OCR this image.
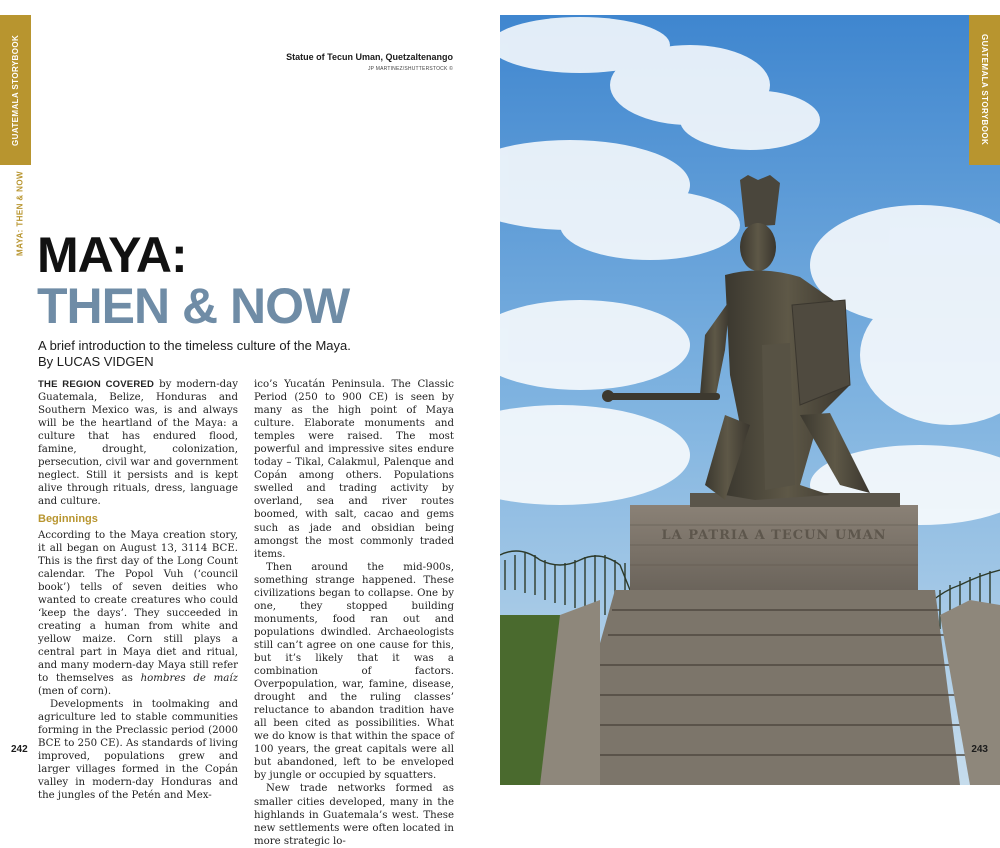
GUATEMALA STORYBOOK
MAYA: THEN & NOW
Statue of Tecun Uman, Quetzaltenango
JP MARTINEZ/SHUTTERSTOCK ©
MAYA:
THEN & NOW
A brief introduction to the timeless culture of the Maya.
By LUCAS VIDGEN

THE REGION COVERED by modern-day Guatemala, Belize, Honduras and Southern Mexico was, is and always will be the heartland of the Maya: a culture that has endured flood, famine, drought, colonization, persecution, civil war and government neglect. Still it persists and is kept alive through rituals, dress, language and culture.

Beginnings

According to the Maya creation story, it all began on August 13, 3114 BCE. This is the first day of the Long Count calendar. The Popol Vuh (‘council book’) tells of seven deities who wanted to create creatures who could ‘keep the days’. They succeeded in creating a human from white and yellow maize. Corn still plays a central part in Maya diet and ritual, and many modern-day Maya still refer to themselves as hombres de maíz (men of corn).

Developments in toolmaking and agriculture led to stable communities forming in the Preclassic period (2000 BCE to 250 CE). As standards of living improved, populations grew and larger villages formed in the Copán valley in modern-day Honduras and the jungles of the Petén and Mex-

ico’s Yucatán Peninsula. The Classic Period (250 to 900 CE) is seen by many as the high point of Maya culture. Elaborate monuments and temples were raised. The most powerful and impressive sites endure today – Tikal, Calakmul, Palenque and Copán among others. Populations swelled and trading activity by overland, sea and river routes boomed, with salt, cacao and gems such as jade and obsidian being amongst the most commonly traded items.

Then around the mid-900s, something strange happened. These civilizations began to collapse. One by one, they stopped building monuments, food ran out and populations dwindled. Archaeologists still can’t agree on one cause for this, but it’s likely that it was a combination of factors. Overpopulation, war, famine, disease, drought and the ruling classes’ reluctance to abandon tradition have all been cited as possibilities. What we do know is that within the space of 100 years, the great capitals were all but abandoned, left to be enveloped by jungle or occupied by squatters.

New trade networks formed as smaller cities developed, many in the highlands in Guatemala’s west. These new settlements were often located in more strategic lo-

242
LA PATRIA A TECUN UMAN
GUATEMALA STORYBOOK
243
